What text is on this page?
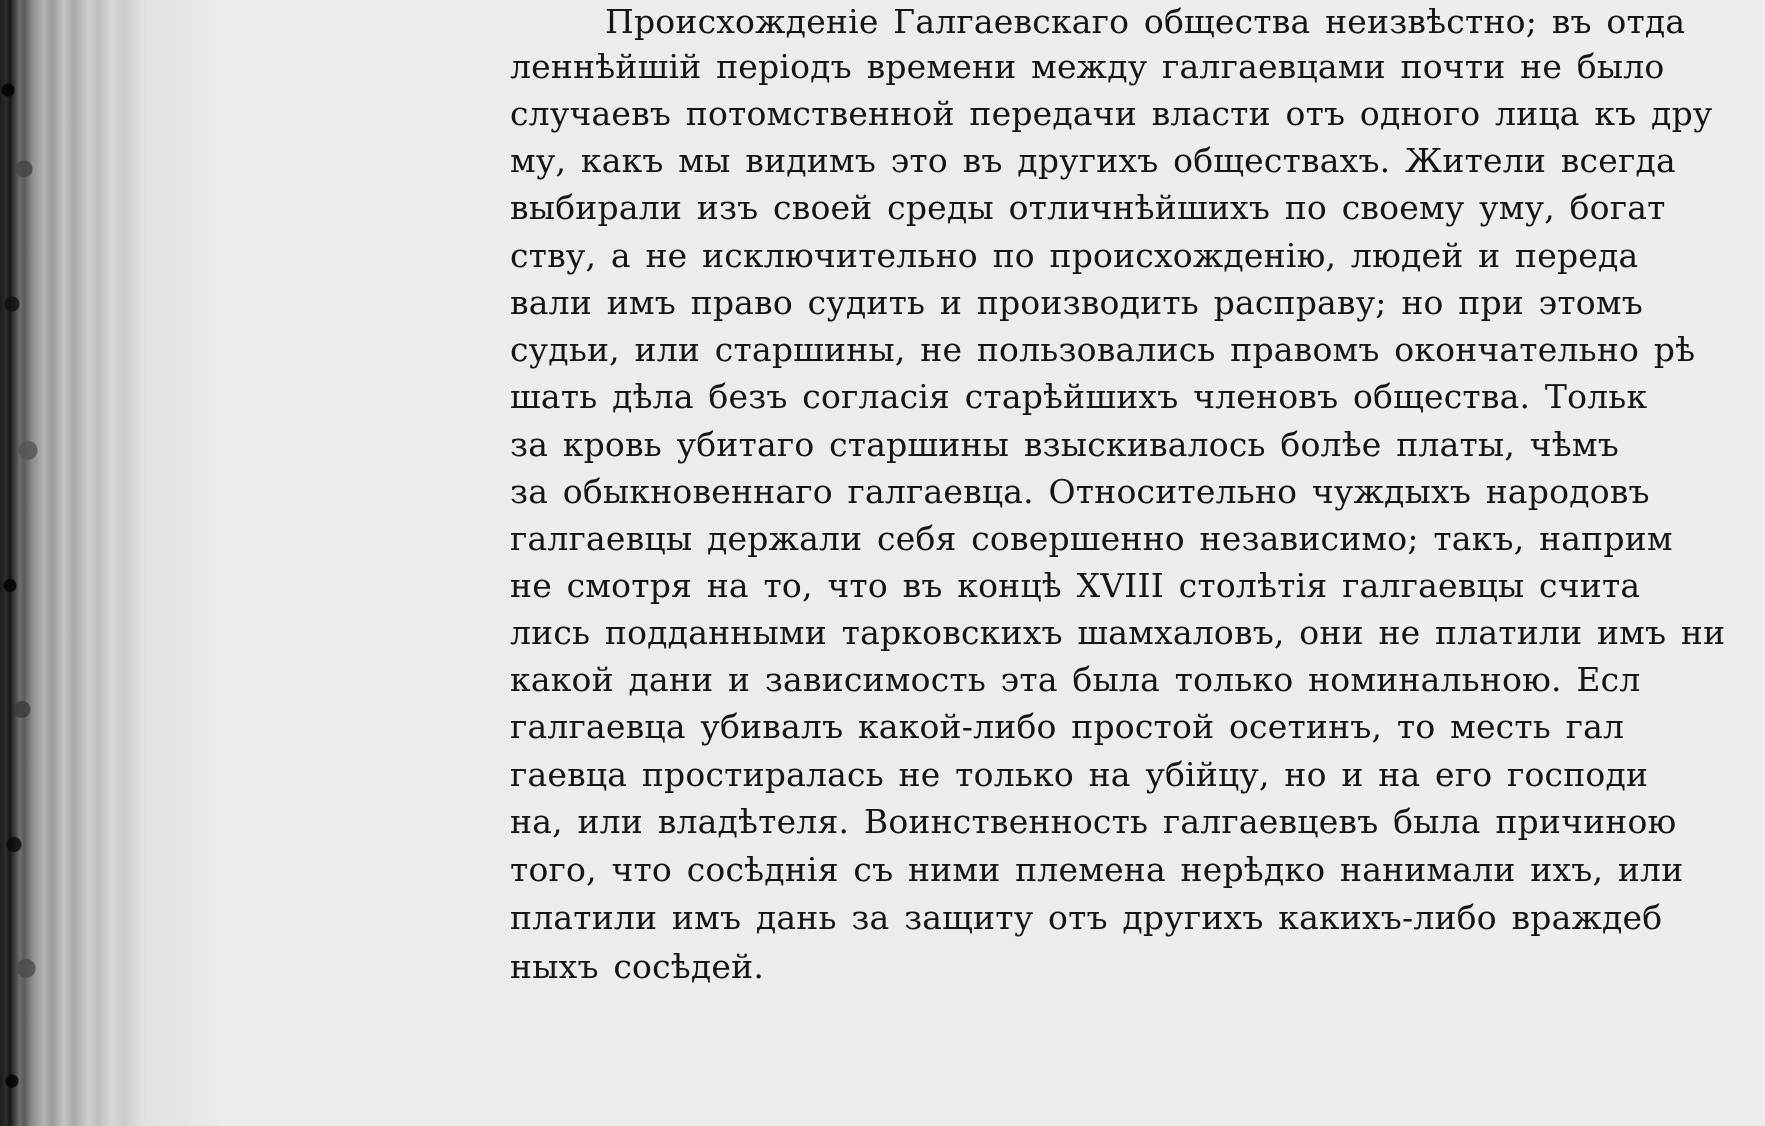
Происхожденіе Галгаевскаго общества неизвѣстно; въ отда
леннѣйшій періодъ времени между галгаевцами почти не было
случаевъ потомственной передачи власти отъ одного лица къ дру
му, какъ мы видимъ это въ другихъ обществахъ. Жители всегда
выбирали изъ своей среды отличнѣйшихъ по своему уму, богат
ству, а не исключительно по происхожденію, людей и переда
вали имъ право судить и производить расправу; но при этомъ
судьи, или старшины, не пользовались правомъ окончательно рѣ
шать дѣла безъ согласія старѣйшихъ членовъ общества. Тольк
за кровь убитаго старшины взыскивалось болѣе платы, чѣмъ
за обыкновеннаго галгаевца. Относительно чуждыхъ народовъ
галгаевцы держали себя совершенно независимо; такъ, наприм
не смотря на то, что въ концѣ XVIII столѣтія галгаевцы счита
лись подданными тарковскихъ шамхаловъ, они не платили имъ ни
какой дани и зависимость эта была только номинальною. Есл
галгаевца убивалъ какой-либо простой осетинъ, то месть гал
гаевца простиралась не только на убійцу, но и на его господи
на, или владѣтеля. Воинственность галгаевцевъ была причиною
того, что сосѣднія съ ними племена нерѣдко нанимали ихъ, или
платили имъ дань за защиту отъ другихъ какихъ-либо враждеб
ныхъ сосѣдей.
